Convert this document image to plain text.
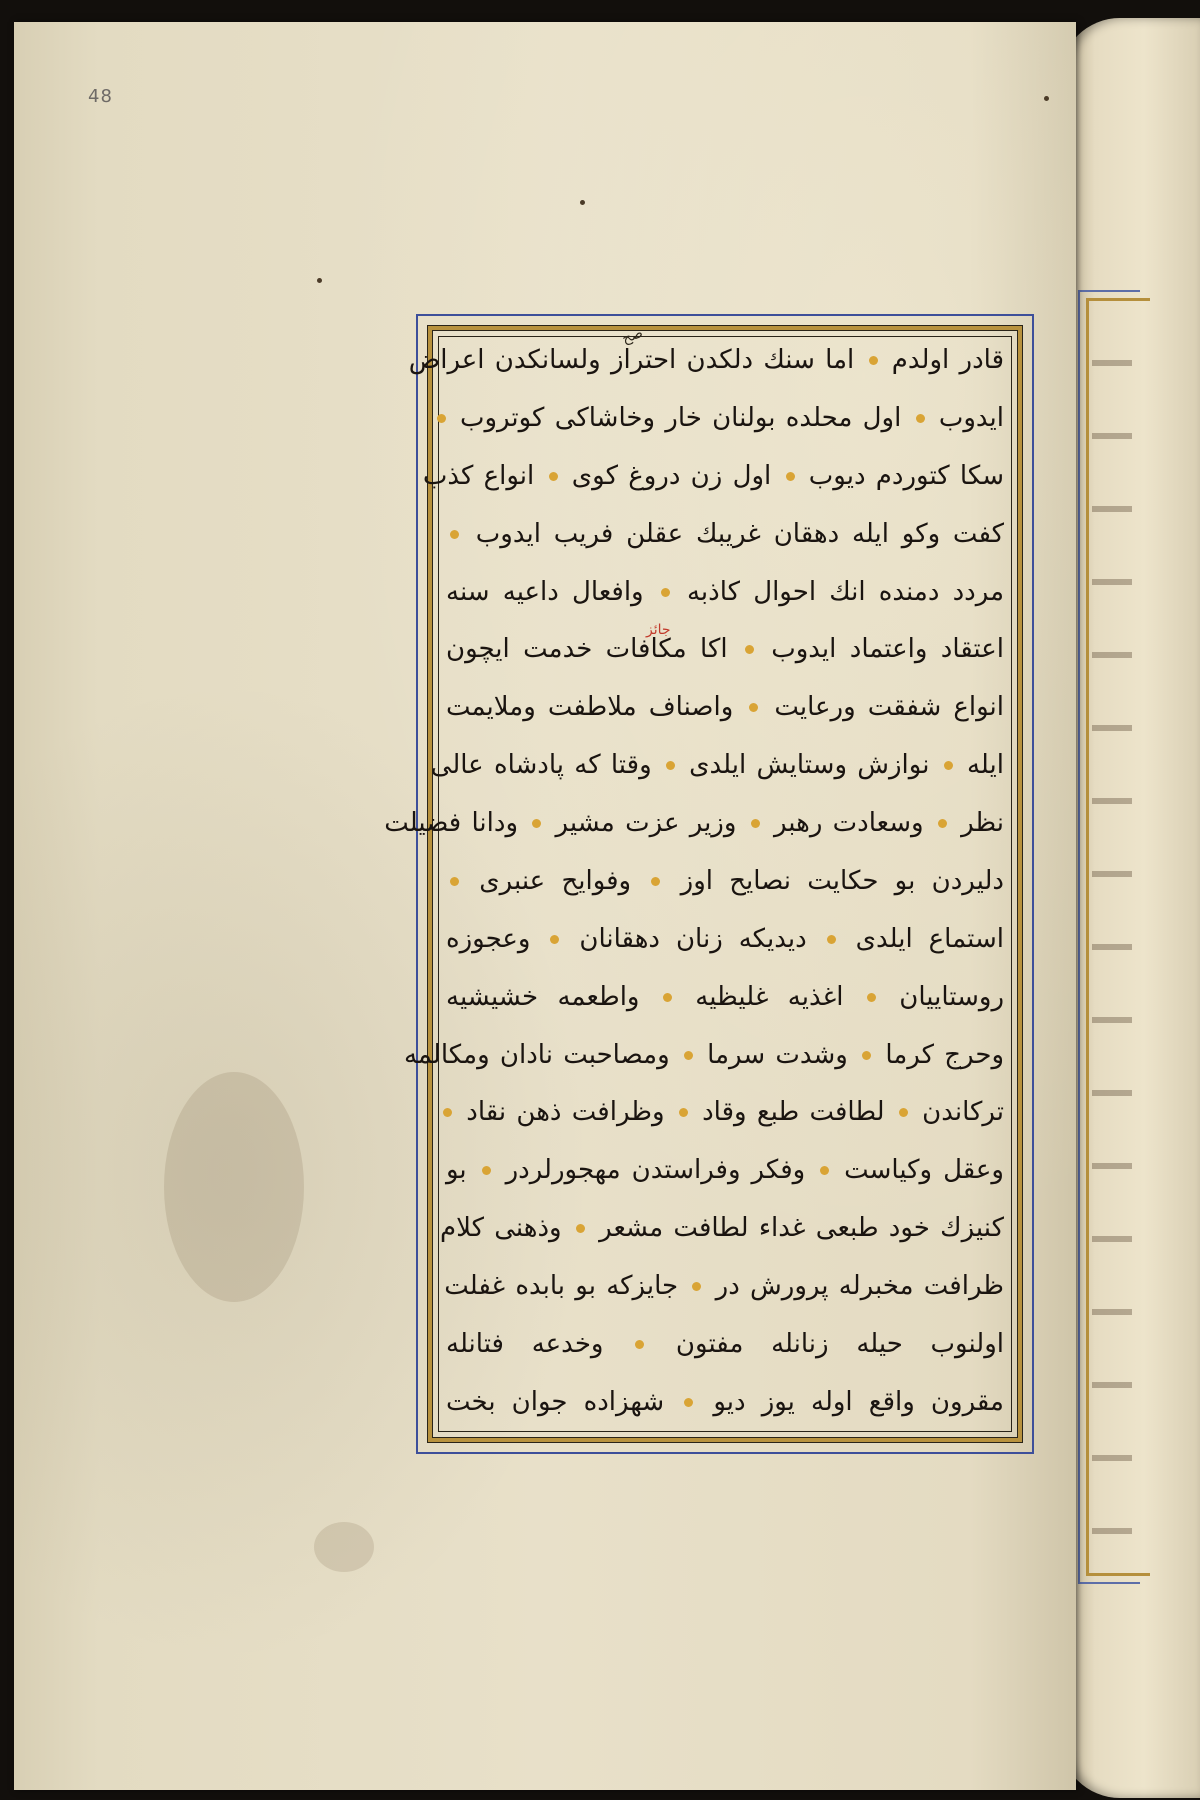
48
قادر اولدم  اما سنك دلكدن احتراز ولسانكدن اعراض
ايدوب  اول محلده بولنان خار وخاشاكى كوتروب
سكا كتوردم ديوب  اول زن دروغ كوى  انواع كذب
كفت وكو ايله دهقان غريبك عقلن فريب ايدوب
مردد دمنده انك احوال كاذبه  وافعال داعيه سنه
اعتقاد واعتماد ايدوب  اكا مكافات خدمت ايچون
انواع شفقت ورعايت  واصناف ملاطفت وملايمت
ايله  نوازش وستايش ايلدى  وقتا كه پادشاه عالى
نظر  وسعادت رهبر  وزير عزت مشير  ودانا فضيلت
دليردن بو حكايت نصايح اوز  وفوايح عنبرى
استماع ايلدى  ديديكه زنان دهقانان  وعجوزه
روستاييان  اغذيه غليظيه  واطعمه خشيشيه
وحرج كرما  وشدت سرما  ومصاحبت نادان ومكالمه
تركاندن  لطافت طبع وقاد  وظرافت ذهن نقاد
وعقل وكياست  وفكر وفراستدن مهجورلردر  بو
كنيزك خود طبعى غداء لطافت مشعر  وذهنى كلام
ظرافت مخبرله پرورش در  جايزكه بو بابده غفلت
اولنوب حيله زنانله مفتون  وخدعه فتانله
مقرون واقع اوله يوز ديو  شهزاده جوان بخت
صح
جائز
